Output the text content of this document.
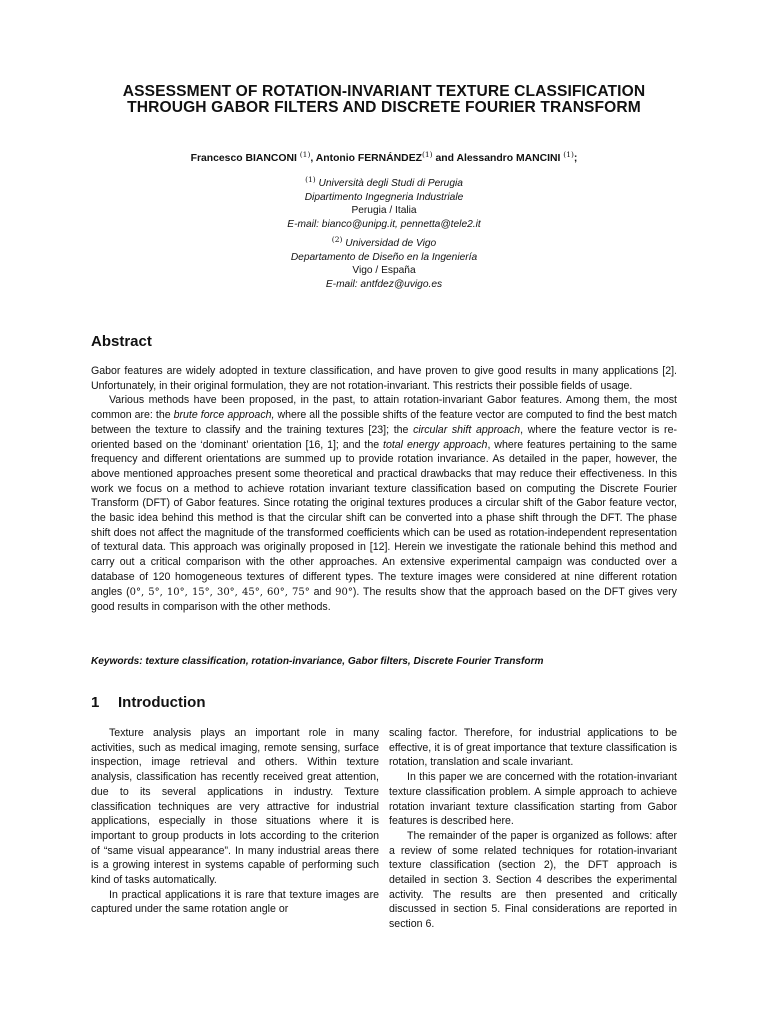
ASSESSMENT OF ROTATION-INVARIANT TEXTURE CLASSIFICATION
THROUGH GABOR FILTERS AND DISCRETE FOURIER TRANSFORM
Francesco BIANCONI $^{(1)}$, Antonio FERNÁNDEZ$^{(1)}$ and Alessandro MANCINI $^{(1)}$;
$^{(1)}$ Università degli Studi di Perugia
Dipartimento Ingegneria Industriale
Perugia / Italia
E-mail: bianco@unipg.it, pennetta@tele2.it
$^{(2)}$ Universidad de Vigo
Departamento de Diseño en la Ingeniería
Vigo / España
E-mail: antfdez@uvigo.es
Abstract

Gabor features are widely adopted in texture classification, and have proven to give good results in many applications [2]. Unfortunately, in their original formulation, they are not rotation-invariant. This restricts their possible fields of usage.

Various methods have been proposed, in the past, to attain rotation-invariant Gabor features. Among them, the most common are: the brute force approach, where all the possible shifts of the feature vector are computed to find the best match between the texture to classify and the training textures [23]; the circular shift approach, where the feature vector is re-oriented based on the ‘dominant’ orientation [16, 1]; and the total energy approach, where features pertaining to the same frequency and different orientations are summed up to provide rotation invariance. As detailed in the paper, however, the above mentioned approaches present some theoretical and practical drawbacks that may reduce their effectiveness. In this work we focus on a method to achieve rotation invariant texture classification based on computing the Discrete Fourier Transform (DFT) of Gabor features. Since rotating the original textures produces a circular shift of the Gabor feature vector, the basic idea behind this method is that the circular shift can be converted into a phase shift through the DFT. The phase shift does not affect the magnitude of the transformed coefficients which can be used as rotation-independent representation of textural data. This approach was originally proposed in [12]. Herein we investigate the rationale behind this method and carry out a critical comparison with the other approaches. An extensive experimental campaign was conducted over a database of 120 homogeneous textures of different types. The texture images were considered at nine different rotation angles (0°, 5°, 10°, 15°, 30°, 45°, 60°, 75° and 90°). The results show that the approach based on the DFT gives very good results in comparison with the other methods.

Keywords: texture classification, rotation-invariance, Gabor filters, Discrete Fourier Transform
1 Introduction

Texture analysis plays an important role in many activities, such as medical imaging, remote sensing, surface inspection, image retrieval and others. Within texture analysis, classification has recently received great attention, due to its several applications in industry. Texture classification techniques are very attractive for industrial applications, especially in those situations where it is important to group products in lots according to the criterion of “same visual appearance”. In many industrial areas there is a growing interest in systems capable of performing such kind of tasks automatically.

In practical applications it is rare that texture images are captured under the same rotation angle or

scaling factor. Therefore, for industrial applications to be effective, it is of great importance that texture classification is rotation, translation and scale invariant.

In this paper we are concerned with the rotation-invariant texture classification problem. A simple approach to achieve rotation invariant texture classification starting from Gabor features is described here.

The remainder of the paper is organized as follows: after a review of some related techniques for rotation-invariant texture classification (section 2), the DFT approach is detailed in section 3. Section 4 describes the experimental activity. The results are then presented and critically discussed in section 5. Final considerations are reported in section 6.
